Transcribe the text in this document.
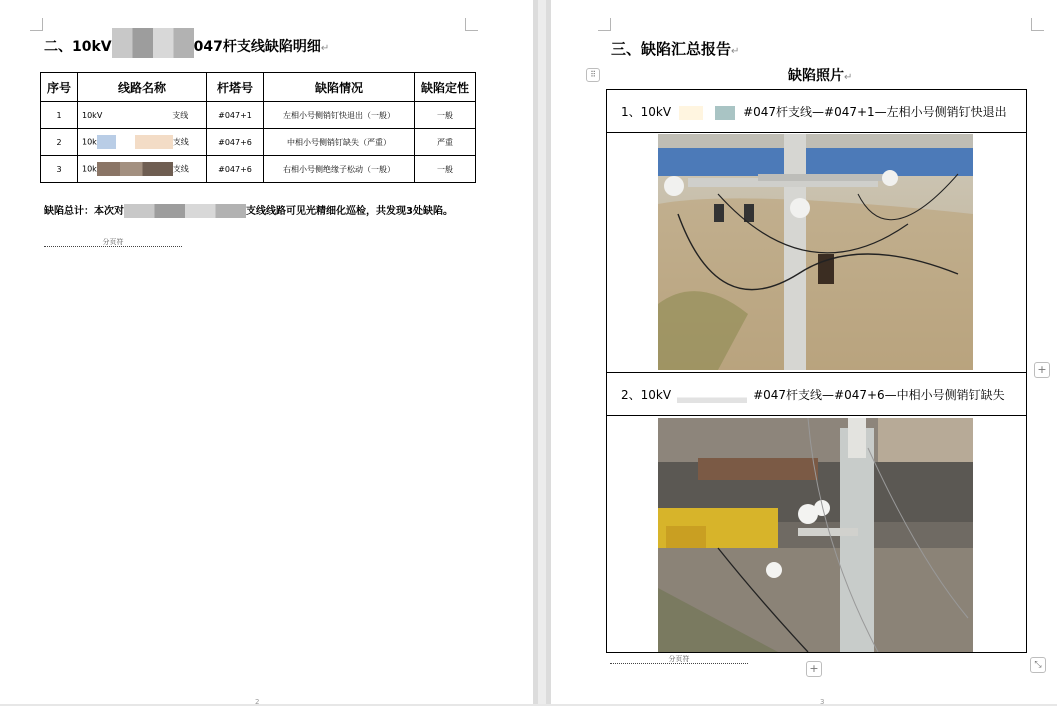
二、10kV	047杆支线缺陷明细↵
序号	线路名称	杆塔号	缺陷情况	缺陷定性
1	10kV 支线	#047+1	左相小号侧销钉快退出（一般）	一般
2	10k 支线	#047+6	中相小号侧销钉缺失（严重）	严重
3	10k 支线	#047+6	右相小号侧绝缘子松动（一般）	一般
缺陷总计：本次对	支线线路可见光精细化巡检，共发现3处缺陷。
分页符
2
三、缺陷汇总报告↵
⠿	缺陷照片↵
1、10kV	#047杆支线—#047+1—左相小号侧销钉快退出
2、10kV	#047杆支线—#047+6—中相小号侧销钉缺失
+
+	⤡
分页符
3
